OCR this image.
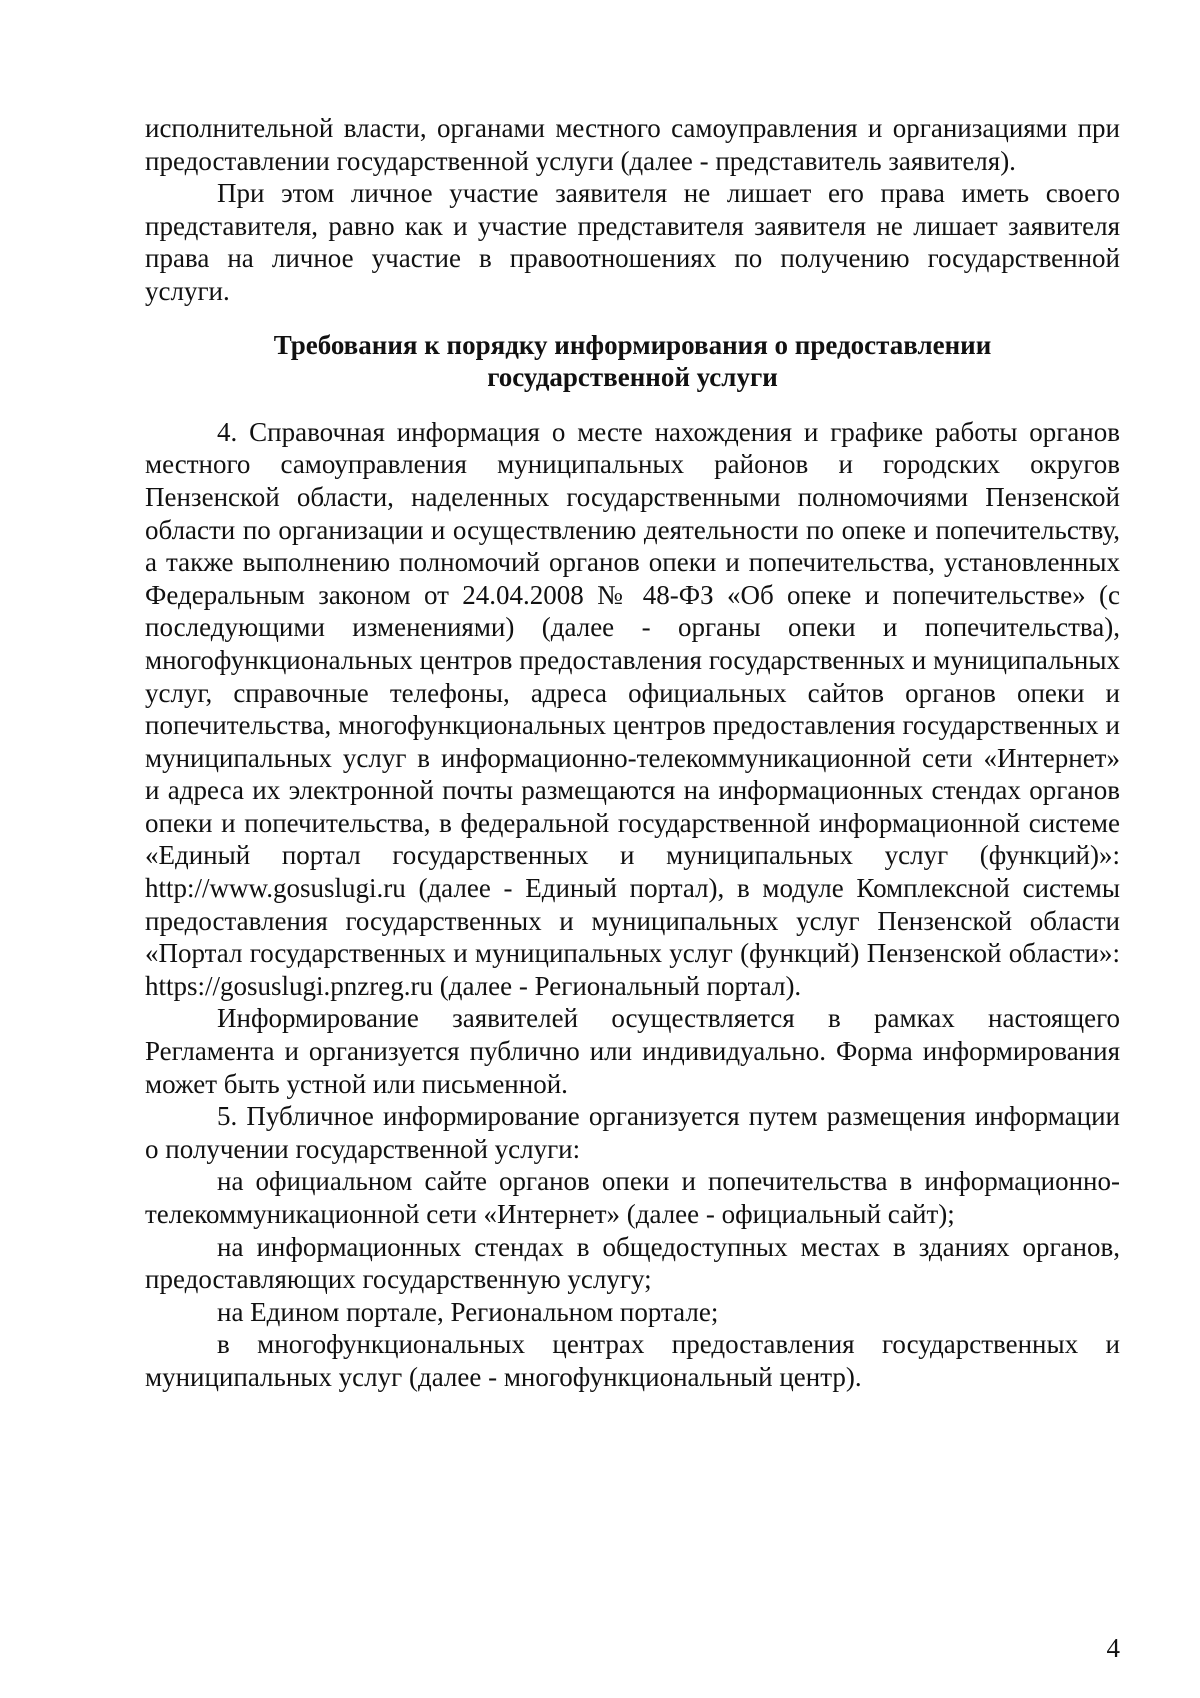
исполнительной власти, органами местного самоуправления и организациями при предоставлении государственной услуги (далее - представитель заявителя).

При этом личное участие заявителя не лишает его права иметь своего представителя, равно как и участие представителя заявителя не лишает заявителя права на личное участие в правоотношениях по получению государственной услуги.

Требования к порядку информирования о предоставлении
государственной услуги

4. Справочная информация о месте нахождения и графике работы органов местного самоуправления муниципальных районов и городских округов Пензенской области, наделенных государственными полномочиями Пензенской области по организации и осуществлению деятельности по опеке и попечительству, а также выполнению полномочий органов опеки и попечительства, установленных Федеральным законом от 24.04.2008 № 48-ФЗ «Об опеке и попечительстве» (с последующими изменениями) (далее - органы опеки и попечительства), многофункциональных центров предоставления государственных и муниципальных услуг, справочные телефоны, адреса официальных сайтов органов опеки и попечительства, многофункциональных центров предоставления государственных и муниципальных услуг в информационно-телекоммуникационной сети «Интернет» и адреса их электронной почты размещаются на информационных стендах органов опеки и попечительства, в федеральной государственной информационной системе «Единый портал государственных и муниципальных услуг (функций)»: http://www.gosuslugi.ru (далее - Единый портал), в модуле Комплексной системы предоставления государственных и муниципальных услуг Пензенской области «Портал государственных и муниципальных услуг (функций) Пензенской области»: https://gosuslugi.pnzreg.ru (далее - Региональный портал).

Информирование заявителей осуществляется в рамках настоящего Регламента и организуется публично или индивидуально. Форма информирования может быть устной или письменной.

5. Публичное информирование организуется путем размещения информации о получении государственной услуги:

на официальном сайте органов опеки и попечительства в информационно-телекоммуникационной сети «Интернет» (далее - официальный сайт);

на информационных стендах в общедоступных местах в зданиях органов, предоставляющих государственную услугу;

на Едином портале, Региональном портале;

в многофункциональных центрах предоставления государственных и муниципальных услуг (далее - многофункциональный центр).

4
